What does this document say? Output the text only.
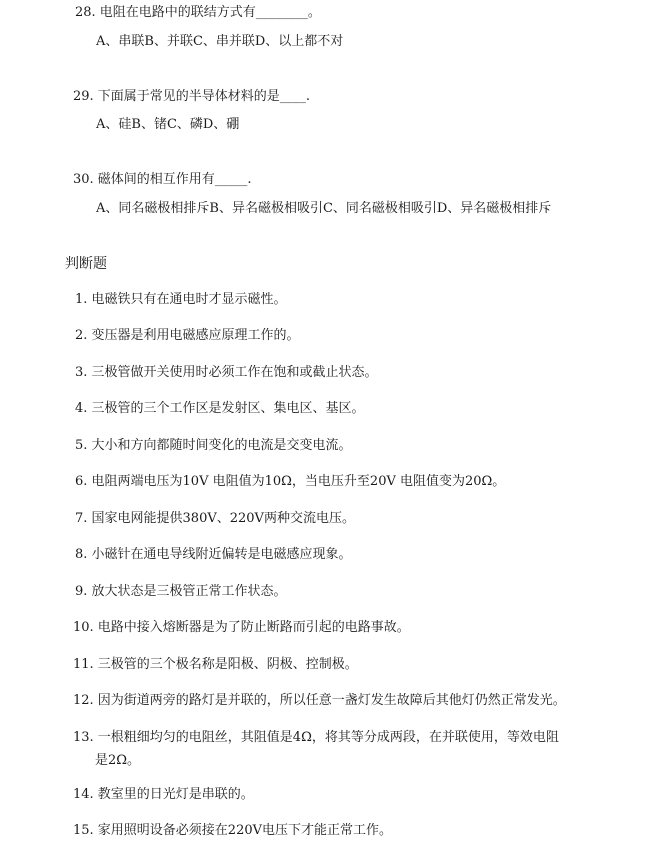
28. 电阻在电路中的联结方式有________。
A、串联B、并联C、串并联D、以上都不对
29. 下面属于常见的半导体材料的是____.
A、硅B、锗C、磷D、硼
30. 磁体间的相互作用有_____.
A、同名磁极相排斥B、异名磁极相吸引C、同名磁极相吸引D、异名磁极相排斥
判断题
1. 电磁铁只有在通电时才显示磁性。
2. 变压器是利用电磁感应原理工作的。
3. 三极管做开关使用时必须工作在饱和或截止状态。
4. 三极管的三个工作区是发射区、集电区、基区。
5. 大小和方向都随时间变化的电流是交变电流。
6. 电阻两端电压为10V 电阻值为10Ω，当电压升至20V 电阻值变为20Ω。
7. 国家电网能提供380V、220V两种交流电压。
8. 小磁针在通电导线附近偏转是电磁感应现象。
9. 放大状态是三极管正常工作状态。
10. 电路中接入熔断器是为了防止断路而引起的电路事故。
11. 三极管的三个极名称是阳极、阴极、控制极。
12. 因为街道两旁的路灯是并联的，所以任意一盏灯发生故障后其他灯仍然正常发光。
13. 一根粗细均匀的电阻丝，其阻值是4Ω，将其等分成两段，在并联使用，等效电阻
是2Ω。
14. 教室里的日光灯是串联的。
15. 家用照明设备必须接在220V电压下才能正常工作。
